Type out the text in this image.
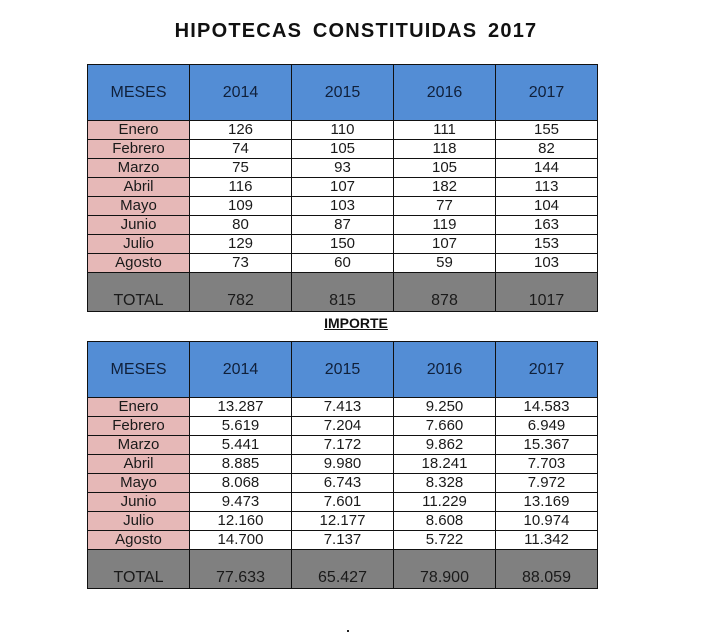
HIPOTECAS CONSTITUIDAS 2017
MESES	2014	2015	2016	2017
Enero	126	110	111	155
Febrero	74	105	118	82
Marzo	75	93	105	144
Abril	116	107	182	113
Mayo	109	103	77	104
Junio	80	87	119	163
Julio	129	150	107	153
Agosto	73	60	59	103
TOTAL	782	815	878	1017
IMPORTE
MESES	2014	2015	2016	2017
Enero	13.287	7.413	9.250	14.583
Febrero	5.619	7.204	7.660	6.949
Marzo	5.441	7.172	9.862	15.367
Abril	8.885	9.980	18.241	7.703
Mayo	8.068	6.743	8.328	7.972
Junio	9.473	7.601	11.229	13.169
Julio	12.160	12.177	8.608	10.974
Agosto	14.700	7.137	5.722	11.342
TOTAL	77.633	65.427	78.900	88.059
